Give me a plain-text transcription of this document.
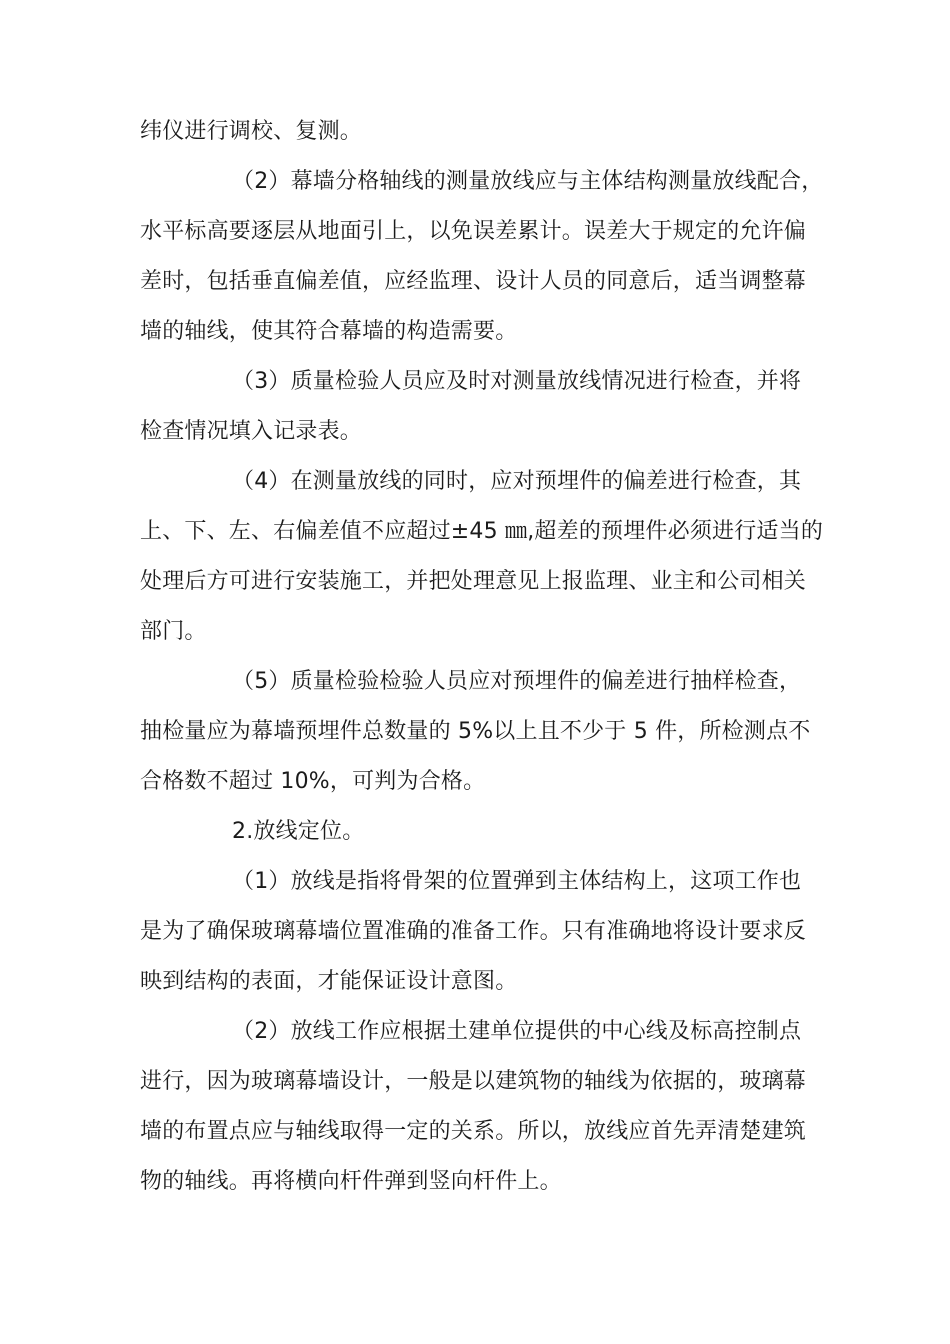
纬仪进行调校、复测。
（2）幕墙分格轴线的测量放线应与主体结构测量放线配合，
水平标高要逐层从地面引上，以免误差累计。误差大于规定的允许偏
差时，包括垂直偏差值，应经监理、设计人员的同意后，适当调整幕
墙的轴线，使其符合幕墙的构造需要。
（3）质量检验人员应及时对测量放线情况进行检查，并将
检查情况填入记录表。
（4）在测量放线的同时，应对预埋件的偏差进行检查，其
上、下、左、右偏差值不应超过±45 ㎜,超差的预埋件必须进行适当的
处理后方可进行安装施工，并把处理意见上报监理、业主和公司相关
部门。
（5）质量检验检验人员应对预埋件的偏差进行抽样检查，
抽检量应为幕墙预埋件总数量的 5%以上且不少于 5 件，所检测点不
合格数不超过 10%，可判为合格。
2.放线定位。
（1）放线是指将骨架的位置弹到主体结构上，这项工作也
是为了确保玻璃幕墙位置准确的准备工作。只有准确地将设计要求反
映到结构的表面，才能保证设计意图。
（2）放线工作应根据土建单位提供的中心线及标高控制点
进行，因为玻璃幕墙设计，一般是以建筑物的轴线为依据的，玻璃幕
墙的布置点应与轴线取得一定的关系。所以，放线应首先弄清楚建筑
物的轴线。再将横向杆件弹到竖向杆件上。
